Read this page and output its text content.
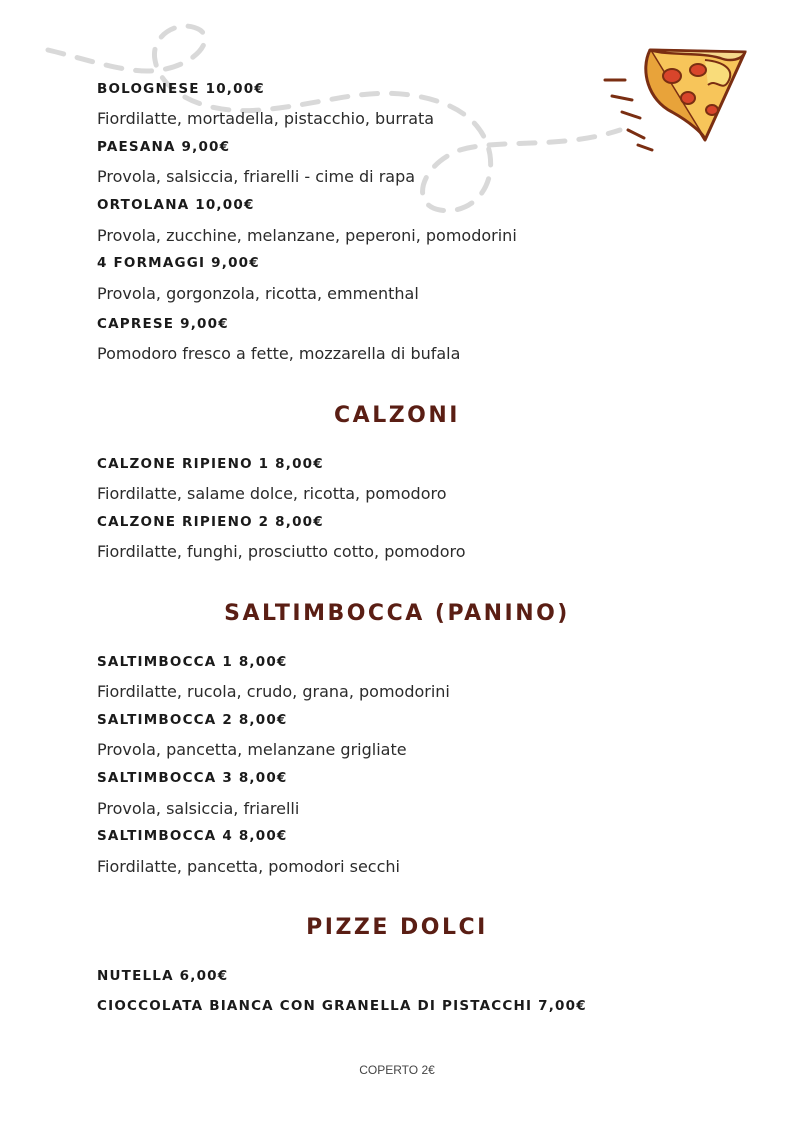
BOLOGNESE 10,00€
Fiordilatte, mortadella, pistacchio, burrata
PAESANA 9,00€
Provola, salsiccia, friarelli - cime di rapa
ORTOLANA 10,00€
Provola, zucchine, melanzane, peperoni, pomodorini
4 FORMAGGI 9,00€
Provola, gorgonzola, ricotta, emmenthal
CAPRESE 9,00€
Pomodoro fresco a fette, mozzarella di bufala
CALZONI
CALZONE RIPIENO 1 8,00€
Fiordilatte, salame dolce, ricotta, pomodoro
CALZONE RIPIENO 2 8,00€
Fiordilatte, funghi, prosciutto cotto, pomodoro
SALTIMBOCCA (PANINO)
SALTIMBOCCA 1 8,00€
Fiordilatte, rucola, crudo, grana, pomodorini
SALTIMBOCCA 2 8,00€
Provola, pancetta, melanzane grigliate
SALTIMBOCCA 3 8,00€
Provola, salsiccia, friarelli
SALTIMBOCCA 4 8,00€
Fiordilatte, pancetta, pomodori secchi
PIZZE DOLCI
NUTELLA 6,00€
CIOCCOLATA BIANCA CON GRANELLA DI PISTACCHI 7,00€
COPERTO 2€
